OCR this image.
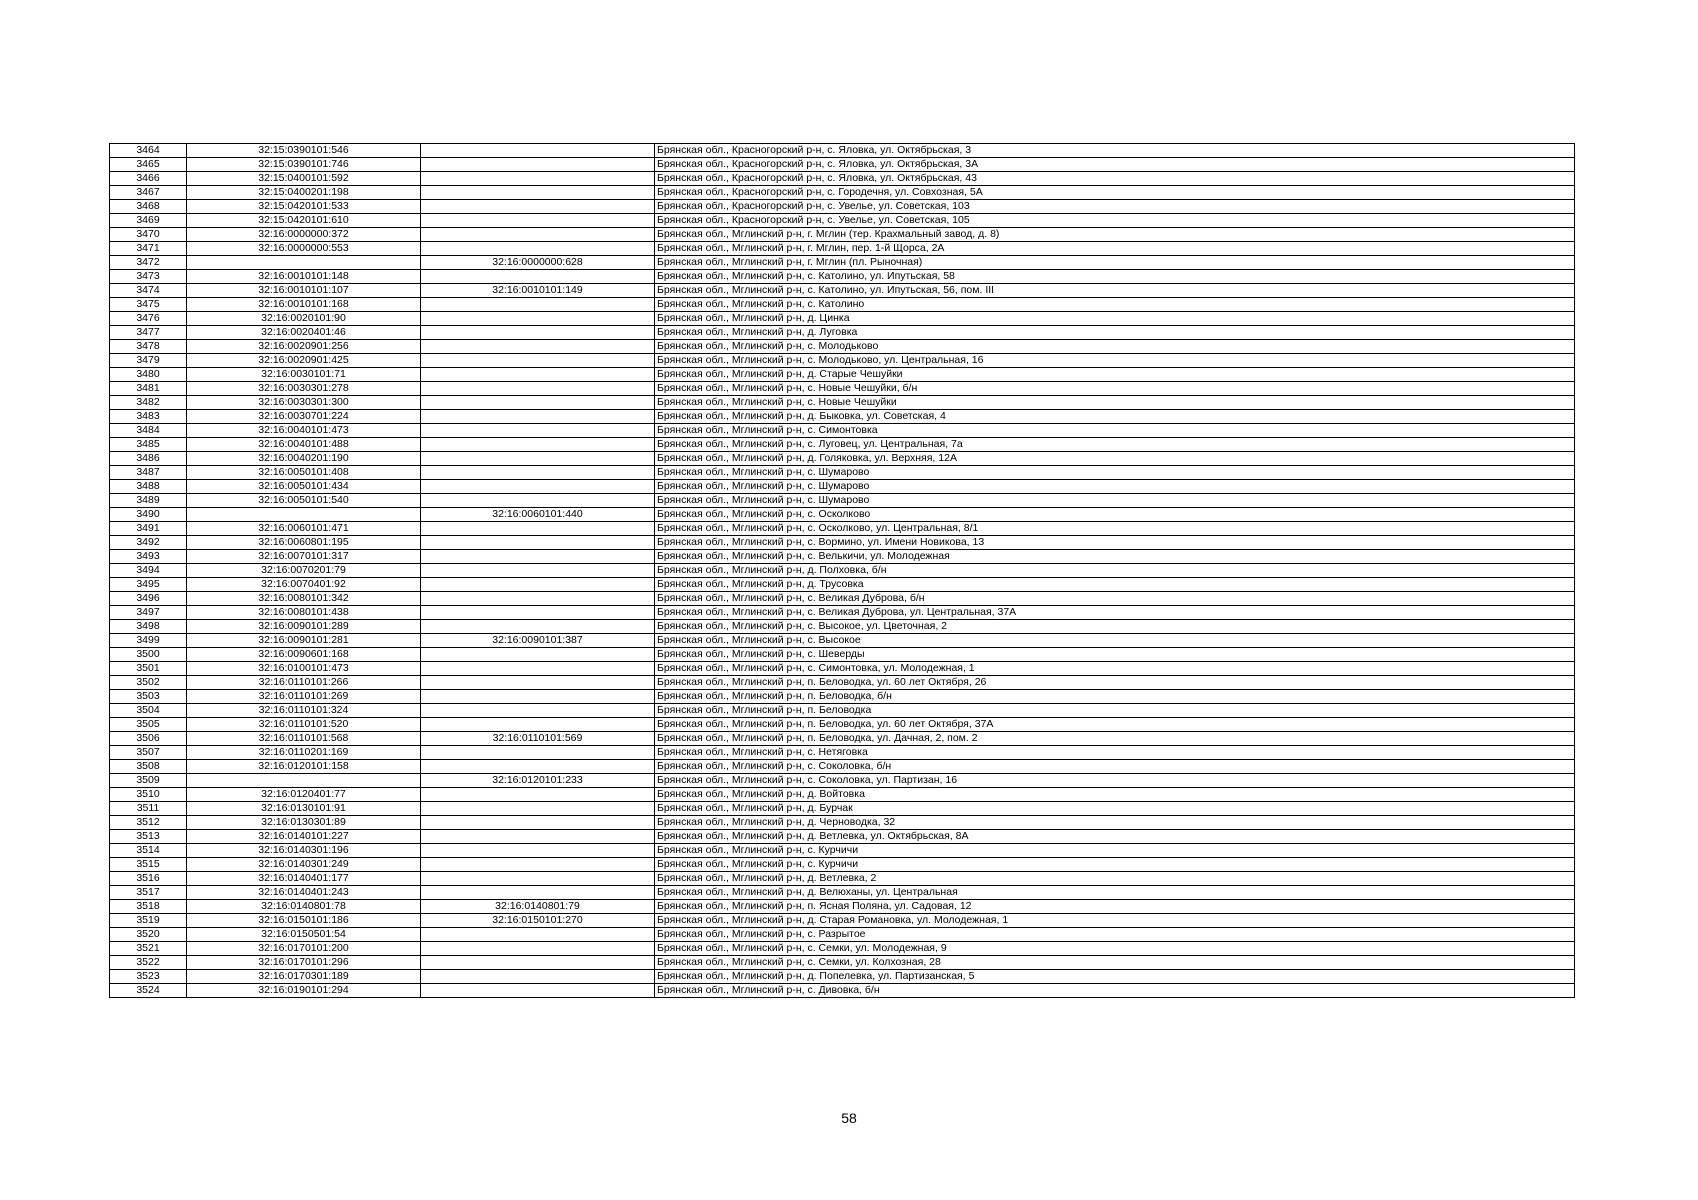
3464	32:15:0390101:546		Брянская обл., Красногорский р-н, с. Яловка, ул. Октябрьская, 3
3465	32:15:0390101:746		Брянская обл., Красногорский р-н, с. Яловка, ул. Октябрьская, 3А
3466	32:15:0400101:592		Брянская обл., Красногорский р-н, с. Яловка, ул. Октябрьская, 43
3467	32:15:0400201:198		Брянская обл., Красногорский р-н, с. Городечня, ул. Совхозная, 5А
3468	32:15:0420101:533		Брянская обл., Красногорский р-н, с. Увелье, ул. Советская, 103
3469	32:15:0420101:610		Брянская обл., Красногорский р-н, с. Увелье, ул. Советская, 105
3470	32:16:0000000:372		Брянская обл., Мглинский р-н, г. Мглин (тер. Крахмальный завод, д. 8)
3471	32:16:0000000:553		Брянская обл., Мглинский р-н, г. Мглин, пер. 1-й Щорса, 2А
3472		32:16:0000000:628	Брянская обл., Мглинский р-н, г. Мглин (пл. Рыночная)
3473	32:16:0010101:148		Брянская обл., Мглинский р-н, с. Католино, ул. Ипутьская, 58
3474	32:16:0010101:107	32:16:0010101:149	Брянская обл., Мглинский р-н, с. Католино, ул. Ипутьская, 56, пом. III
3475	32:16:0010101:168		Брянская обл., Мглинский р-н, с. Католино
3476	32:16:0020101:90		Брянская обл., Мглинский р-н, д. Цинка
3477	32:16:0020401:46		Брянская обл., Мглинский р-н, д. Луговка
3478	32:16:0020901:256		Брянская обл., Мглинский р-н, с. Молодьково
3479	32:16:0020901:425		Брянская обл., Мглинский р-н, с. Молодьково, ул. Центральная, 16
3480	32:16:0030101:71		Брянская обл., Мглинский р-н, д. Старые Чешуйки
3481	32:16:0030301:278		Брянская обл., Мглинский р-н, с. Новые Чешуйки, б/н
3482	32:16:0030301:300		Брянская обл., Мглинский р-н, с. Новые Чешуйки
3483	32:16:0030701:224		Брянская обл., Мглинский р-н, д. Быковка, ул. Советская, 4
3484	32:16:0040101:473		Брянская обл., Мглинский р-н, с. Симонтовка
3485	32:16:0040101:488		Брянская обл., Мглинский р-н, с. Луговец, ул. Центральная, 7а
3486	32:16:0040201:190		Брянская обл., Мглинский р-н, д. Голяковка, ул. Верхняя, 12А
3487	32:16:0050101:408		Брянская обл., Мглинский р-н, с. Шумарово
3488	32:16:0050101:434		Брянская обл., Мглинский р-н, с. Шумарово
3489	32:16:0050101:540		Брянская обл., Мглинский р-н, с. Шумарово
3490		32:16:0060101:440	Брянская обл., Мглинский р-н, с. Осколково
3491	32:16:0060101:471		Брянская обл., Мглинский р-н, с. Осколково, ул. Центральная, 8/1
3492	32:16:0060801:195		Брянская обл., Мглинский р-н, с. Вормино, ул. Имени Новикова, 13
3493	32:16:0070101:317		Брянская обл., Мглинский р-н, с. Велькичи, ул. Молодежная
3494	32:16:0070201:79		Брянская обл., Мглинский р-н, д. Полховка, б/н
3495	32:16:0070401:92		Брянская обл., Мглинский р-н, д. Трусовка
3496	32:16:0080101:342		Брянская обл., Мглинский р-н, с. Великая Дуброва, б/н
3497	32:16:0080101:438		Брянская обл., Мглинский р-н, с. Великая Дуброва, ул. Центральная, 37А
3498	32:16:0090101:289		Брянская обл., Мглинский р-н, с. Высокое, ул. Цветочная, 2
3499	32:16:0090101:281	32:16:0090101:387	Брянская обл., Мглинский р-н, с. Высокое
3500	32:16:0090601:168		Брянская обл., Мглинский р-н, с. Шеверды
3501	32:16:0100101:473		Брянская обл., Мглинский р-н, с. Симонтовка, ул. Молодежная, 1
3502	32:16:0110101:266		Брянская обл., Мглинский р-н, п. Беловодка, ул. 60 лет Октября, 26
3503	32:16:0110101:269		Брянская обл., Мглинский р-н, п. Беловодка, б/н
3504	32:16:0110101:324		Брянская обл., Мглинский р-н, п. Беловодка
3505	32:16:0110101:520		Брянская обл., Мглинский р-н, п. Беловодка, ул. 60 лет Октября, 37А
3506	32:16:0110101:568	32:16:0110101:569	Брянская обл., Мглинский р-н, п. Беловодка, ул. Дачная, 2, пом. 2
3507	32:16:0110201:169		Брянская обл., Мглинский р-н, с. Нетяговка
3508	32:16:0120101:158		Брянская обл., Мглинский р-н, с. Соколовка, б/н
3509		32:16:0120101:233	Брянская обл., Мглинский р-н, с. Соколовка, ул. Партизан, 16
3510	32:16:0120401:77		Брянская обл., Мглинский р-н, д. Войтовка
3511	32:16:0130101:91		Брянская обл., Мглинский р-н, д. Бурчак
3512	32:16:0130301:89		Брянская обл., Мглинский р-н, д. Черноводка, 32
3513	32:16:0140101:227		Брянская обл., Мглинский р-н, д. Ветлевка, ул. Октябрьская, 8А
3514	32:16:0140301:196		Брянская обл., Мглинский р-н, с. Курчичи
3515	32:16:0140301:249		Брянская обл., Мглинский р-н, с. Курчичи
3516	32:16:0140401:177		Брянская обл., Мглинский р-н, д. Ветлевка, 2
3517	32:16:0140401:243		Брянская обл., Мглинский р-н, д. Велюханы, ул. Центральная
3518	32:16:0140801:78	32:16:0140801:79	Брянская обл., Мглинский р-н, п. Ясная Поляна, ул. Садовая, 12
3519	32:16:0150101:186	32:16:0150101:270	Брянская обл., Мглинский р-н, д. Старая Романовка, ул. Молодежная, 1
3520	32:16:0150501:54		Брянская обл., Мглинский р-н, с. Разрытое
3521	32:16:0170101:200		Брянская обл., Мглинский р-н, с. Семки, ул. Молодежная, 9
3522	32:16:0170101:296		Брянская обл., Мглинский р-н, с. Семки, ул. Колхозная, 28
3523	32:16:0170301:189		Брянская обл., Мглинский р-н, д. Попелевка, ул. Партизанская, 5
3524	32:16:0190101:294		Брянская обл., Мглинский р-н, с. Дивовка, б/н
58
